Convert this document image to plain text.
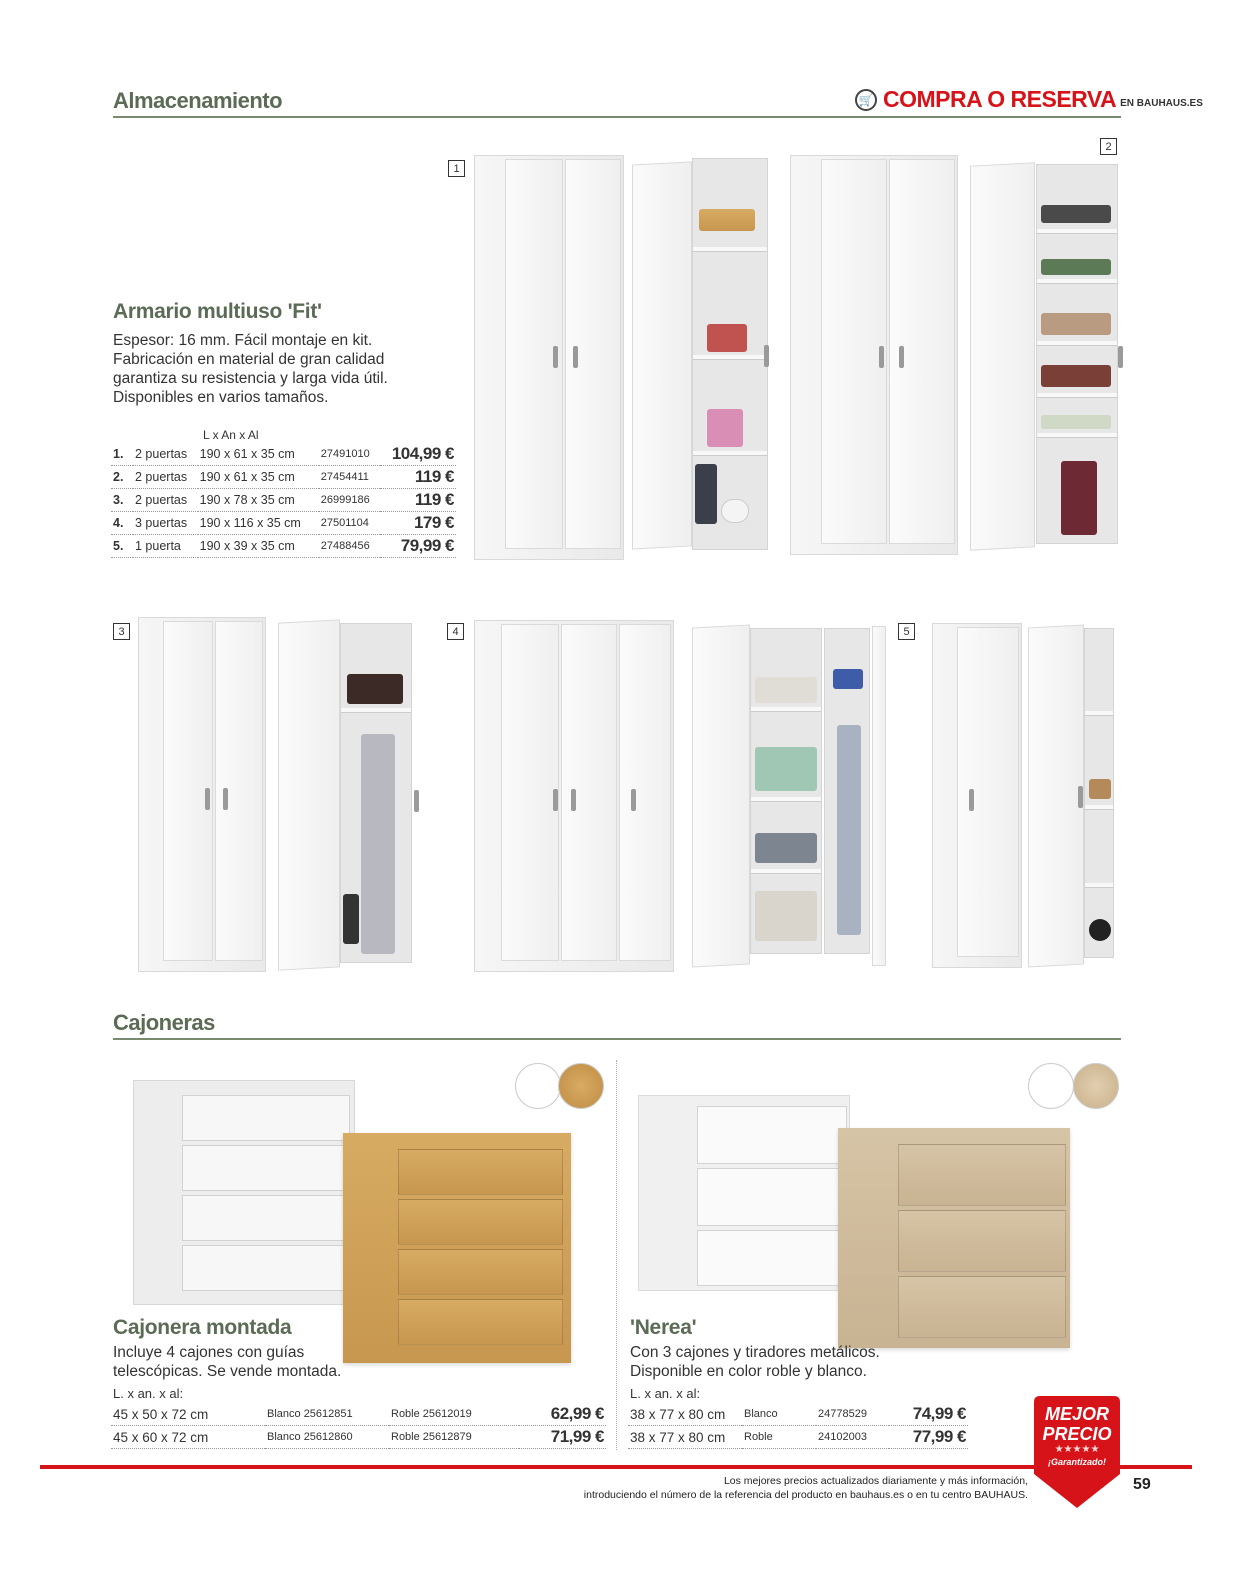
Almacenamiento	🛒 COMPRA O RESERVA EN BAUHAUS.ES
Armario multiuso 'Fit'
Espesor: 16 mm. Fácil montaje en kit.
Fabricación en material de gran calidad
garantiza su resistencia y larga vida útil.
Disponibles en varios tamaños.
L x An x Al
1.	2 puertas	190 x 61 x 35 cm	27491010	104,99 €
2.	2 puertas	190 x 61 x 35 cm	27454411	119 €
3.	2 puertas	190 x 78 x 35 cm	26999186	119 €
4.	3 puertas	190 x 116 x 35 cm	27501104	179 €
5.	1 puerta	190 x 39 x 35 cm	27488456	79,99 €
1
2
3	4	5
Cajoneras
Cajonera montada
Incluye 4 cajones con guías
telescópicas. Se vende montada.
L. x an. x al:
45 x 50 x 72 cm	Blanco 25612851	Roble 25612019	62,99 €
45 x 60 x 72 cm	Blanco 25612860	Roble 25612879	71,99 €
'Nerea'
Con 3 cajones y tiradores metálicos.
Disponible en color roble y blanco.
L. x an. x al:
38 x 77 x 80 cm	Blanco	24778529	74,99 €
38 x 77 x 80 cm	Roble	24102003	77,99 €
Los mejores precios actualizados diariamente y más información,
introduciendo el número de la referencia del producto en bauhaus.es o en tu centro BAUHAUS.
59
MEJOR
PRECIO
★★★★★
¡Garantizado!
